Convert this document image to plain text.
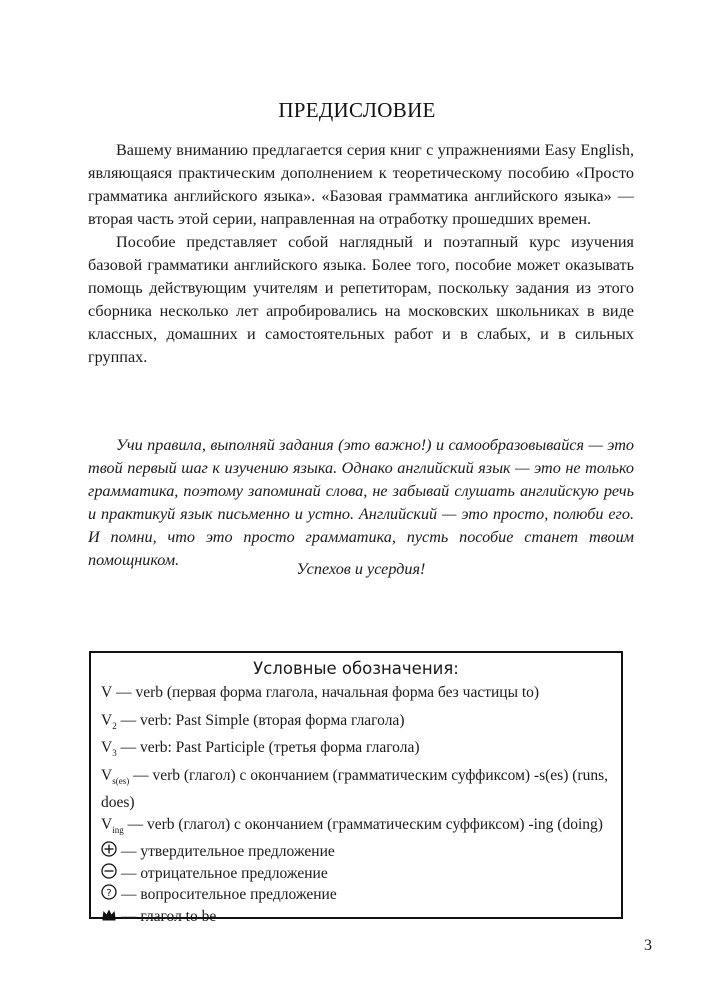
ПРЕДИСЛОВИЕ

Вашему вниманию предлагается серия книг с упражнениями Easy English, являющаяся практическим дополнением к теоретическому пособию «Просто грамматика английского языка». «Базовая грамматика английского языка» — вторая часть этой серии, направленная на отработку прошедших времен.

Пособие представляет собой наглядный и поэтапный курс изучения базовой грамматики английского языка. Более того, пособие может оказывать помощь действующим учителям и репетиторам, поскольку задания из этого сборника несколько лет апробировались на московских школьниках в виде классных, домашних и самостоятельных работ и в слабых, и в сильных группах.

Учи правила, выполняй задания (это важно!) и самообразовывайся — это твой первый шаг к изучению языка. Однако английский язык — это не только грамматика, поэтому запоминай слова, не забывай слушать английскую речь и практикуй язык письменно и устно. Английский — это просто, полюби его. И помни, что это просто грамматика, пусть пособие станет твоим помощником.	Успехов и усердия!
Условные обозначения:
V — verb (первая форма глагола, начальная форма без частицы to)
$V_2$ — verb: Past Simple (вторая форма глагола)
$V_3$ — verb: Past Participle (третья форма глагола)
$V_{s(es)}$ — verb (глагол) с окончанием (грамматическим суффиксом) -s(es) (runs, does)
$V_{ing}$ — verb (глагол) с окончанием (грамматическим суффиксом) -ing (doing)
— утвердительное предложение
— отрицательное предложение
? — вопросительное предложение
— глагол to be
3
